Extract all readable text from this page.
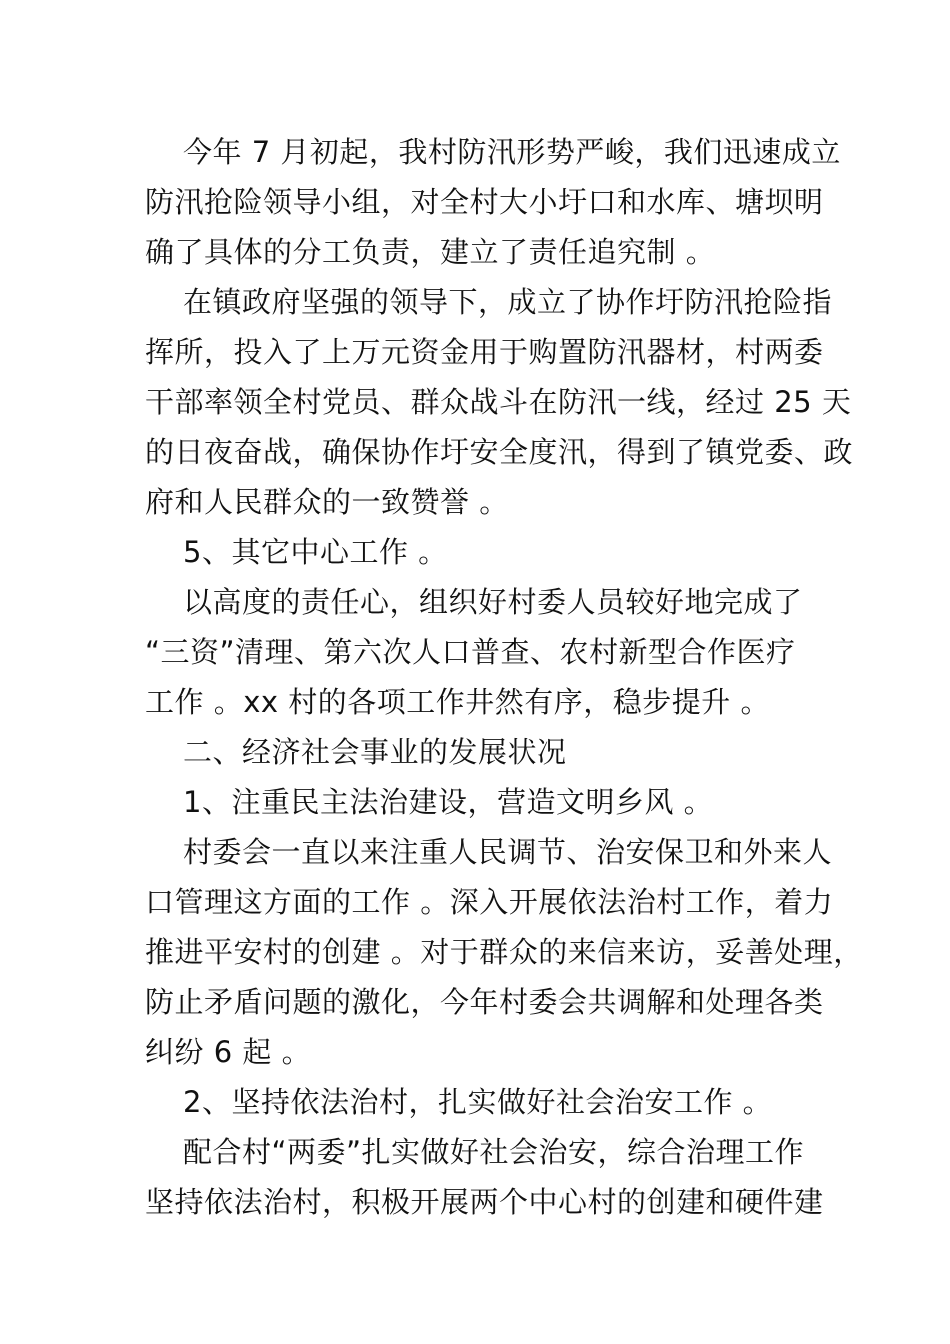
今年 7 月初起，我村防汛形势严峻，我们迅速成立
防汛抢险领导小组，对全村大小圩口和水库、塘坝明
确了具体的分工负责，建立了责任追究制 。
在镇政府坚强的领导下，成立了协作圩防汛抢险指
挥所，投入了上万元资金用于购置防汛器材，村两委
干部率领全村党员、群众战斗在防汛一线，经过 25 天
的日夜奋战，确保协作圩安全度汛，得到了镇党委、政
府和人民群众的一致赞誉 。
5、其它中心工作 。
以高度的责任心，组织好村委人员较好地完成了
“三资”清理、第六次人口普查、农村新型合作医疗
工作 。xx 村的各项工作井然有序，稳步提升 。
二、经济社会事业的发展状况
1、注重民主法治建设，营造文明乡风 。
村委会一直以来注重人民调节、治安保卫和外来人
口管理这方面的工作 。深入开展依法治村工作，着力
推进平安村的创建 。对于群众的来信来访，妥善处理，
防止矛盾问题的激化，今年村委会共调解和处理各类
纠纷 6 起 。
2、坚持依法治村，扎实做好社会治安工作 。
配合村“两委”扎实做好社会治安，综合治理工作
坚持依法治村，积极开展两个中心村的创建和硬件建
